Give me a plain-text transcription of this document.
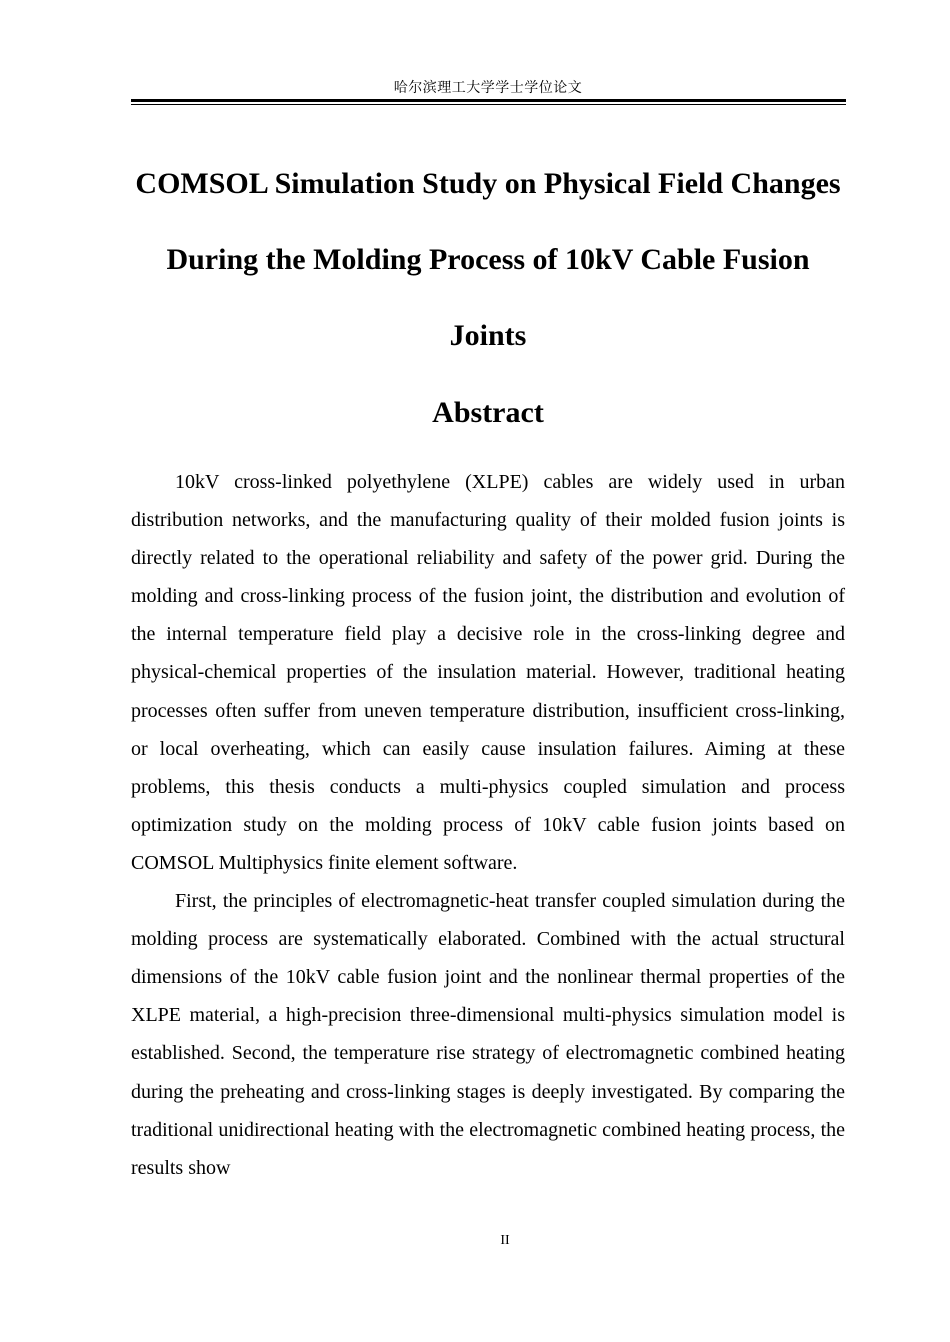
哈尔滨理工大学学士学位论文
COMSOL Simulation Study on Physical Field Changes During the Molding Process of 10kV Cable Fusion Joints
Abstract

10kV cross-linked polyethylene (XLPE) cables are widely used in urban distribution networks, and the manufacturing quality of their molded fusion joints is directly related to the operational reliability and safety of the power grid. During the molding and cross-linking process of the fusion joint, the distribution and evolution of the internal temperature field play a decisive role in the cross-linking degree and physical-chemical properties of the insulation material. However, traditional heating processes often suffer from uneven temperature distribution, insufficient cross-linking, or local overheating, which can easily cause insulation failures. Aiming at these problems, this thesis conducts a multi-physics coupled simulation and process optimization study on the molding process of 10kV cable fusion joints based on COMSOL Multiphysics finite element software.

First, the principles of electromagnetic-heat transfer coupled simulation during the molding process are systematically elaborated. Combined with the actual structural dimensions of the 10kV cable fusion joint and the nonlinear thermal properties of the XLPE material, a high-precision three-dimensional multi-physics simulation model is established. Second, the temperature rise strategy of electromagnetic combined heating during the preheating and cross-linking stages is deeply investigated. By comparing the traditional unidirectional heating with the electromagnetic combined heating process, the results show

II
